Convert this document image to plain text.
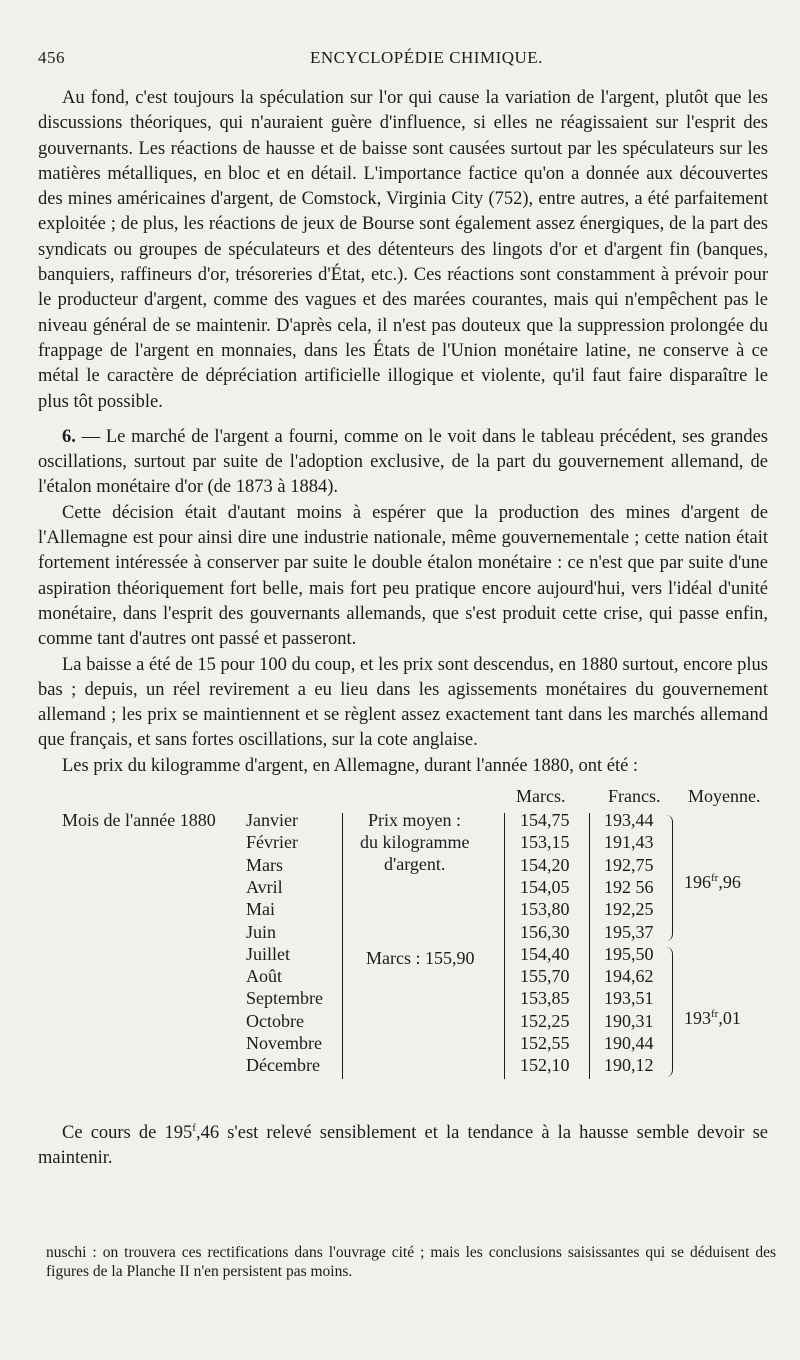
456	ENCYCLOPÉDIE CHIMIQUE.

Au fond, c'est toujours la spéculation sur l'or qui cause la variation de l'argent, plutôt que les discussions théoriques, qui n'auraient guère d'influence, si elles ne réagissaient sur l'esprit des gouvernants. Les réactions de hausse et de baisse sont causées surtout par les spéculateurs sur les matières métalliques, en bloc et en détail. L'importance factice qu'on a donnée aux découvertes des mines américaines d'argent, de Comstock, Virginia City (752), entre autres, a été parfaitement exploitée ; de plus, les réactions de jeux de Bourse sont également assez énergiques, de la part des syndicats ou groupes de spéculateurs et des détenteurs des lingots d'or et d'argent fin (banques, banquiers, raffineurs d'or, trésoreries d'État, etc.). Ces réactions sont constamment à prévoir pour le producteur d'argent, comme des vagues et des marées courantes, mais qui n'empêchent pas le niveau général de se maintenir. D'après cela, il n'est pas douteux que la suppression prolongée du frappage de l'argent en monnaies, dans les États de l'Union monétaire latine, ne conserve à ce métal le caractère de dépréciation artificielle illogique et violente, qu'il faut faire disparaître le plus tôt possible.

6. — Le marché de l'argent a fourni, comme on le voit dans le tableau précédent, ses grandes oscillations, surtout par suite de l'adoption exclusive, de la part du gouvernement allemand, de l'étalon monétaire d'or (de 1873 à 1884).

Cette décision était d'autant moins à espérer que la production des mines d'argent de l'Allemagne est pour ainsi dire une industrie nationale, même gouvernementale ; cette nation était fortement intéressée à conserver par suite le double étalon monétaire : ce n'est que par suite d'une aspiration théoriquement fort belle, mais fort peu pratique encore aujourd'hui, vers l'idéal d'unité monétaire, dans l'esprit des gouvernants allemands, que s'est produit cette crise, qui passe enfin, comme tant d'autres ont passé et passeront.

La baisse a été de 15 pour 100 du coup, et les prix sont descendus, en 1880 surtout, encore plus bas ; depuis, un réel revirement a eu lieu dans les agissements monétaires du gouvernement allemand ; les prix se maintiennent et se règlent assez exactement tant dans les marchés allemand que français, et sans fortes oscillations, sur la cote anglaise.

Les prix du kilogramme d'argent, en Allemagne, durant l'année 1880, ont été :

Marcs. Francs. Moyenne.
Mois de l'année 1880	Prix moyen :
du kilogramme
d'argent.
Marcs : 155,90
$196^{fr},96$
$193^{fr},01$
Janvier
Février
Mars
Avril
Mai
Juin
Juillet
Août
Septembre
Octobre
Novembre
Décembre
154,75
153,15
154,20
154,05
153,80
156,30
154,40
155,70
153,85
152,25
152,55
152,10
193,44
191,43
192,75
192 56
192,25
195,37
195,50
194,62
193,51
190,31
190,44
190,12

Ce cours de 195$^f$,46 s'est relevé sensiblement et la tendance à la hausse semble devoir se maintenir.

nuschi : on trouvera ces rectifications dans l'ouvrage cité ; mais les conclusions saisissantes qui se déduisent des figures de la Planche II n'en persistent pas moins.
